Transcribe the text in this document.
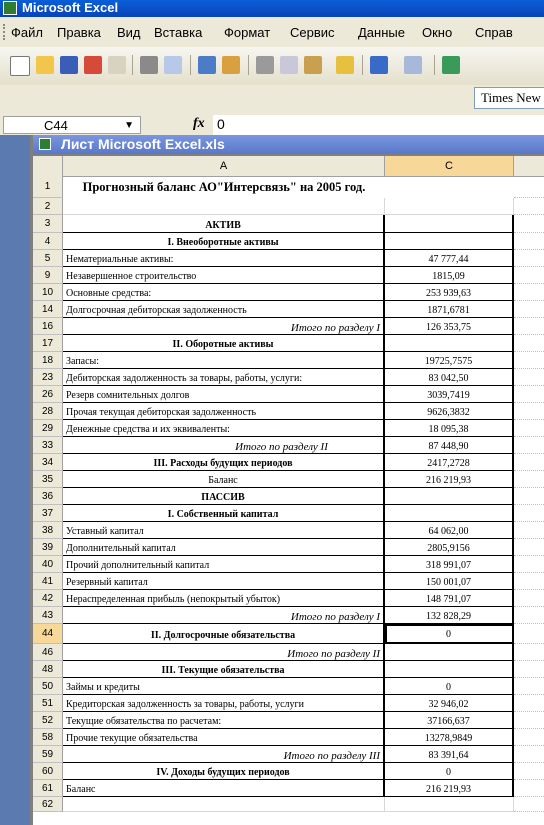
Microsoft Excel
Файл Правка Вид Вставка Формат Сервис Данные Окно Справ
Times New
C44	▼	fx 0
Лист Microsoft Excel.xls
A	C
1	Прогнозный баланс АО"Интерсвязь" на 2005 год.
2
3	АКТИВ
4	I. Внеоборотные активы
5	Нематериальные активы:	47 777,44
9	Незавершенное строительство	1815,09
10	Основные средства:	253 939,63
14	Долгосрочная дебиторская задолженность	1871,6781
16	Итого по разделу I	126 353,75
17	II. Оборотные активы
18	Запасы:	19725,7575
23	Дебиторская задолженность за товары, работы, услуги:	83 042,50
26	Резерв сомнительных долгов	3039,7419
28	Прочая текущая дебиторская задолженность	9626,3832
29	Денежные средства и их эквиваленты:	18 095,38
33	Итого по разделу II	87 448,90
34	III. Расходы будущих периодов	2417,2728
35	Баланс	216 219,93
36	ПАССИВ
37	I. Собственный капитал
38	Уставный капитал	64 062,00
39	Дополнительный капитал	2805,9156
40	Прочий дополнительный капитал	318 991,07
41	Резервный капитал	150 001,07
42	Нераспределенная прибыль (непокрытый убыток)	148 791,07
43	Итого по разделу I	132 828,29
44	II. Долгосрочные обязательства	0
46	Итого по разделу II
48	III. Текущие обязательства
50	Займы и кредиты	0
51	Кредиторская задолженность за товары, работы, услуги	32 946,02
52	Текущие обязательства по расчетам:	37166,637
58	Прочие текущие обязательства	13278,9849
59	Итого по разделу III	83 391,64
60	IV. Доходы будущих периодов	0
61	Баланс	216 219,93
62
